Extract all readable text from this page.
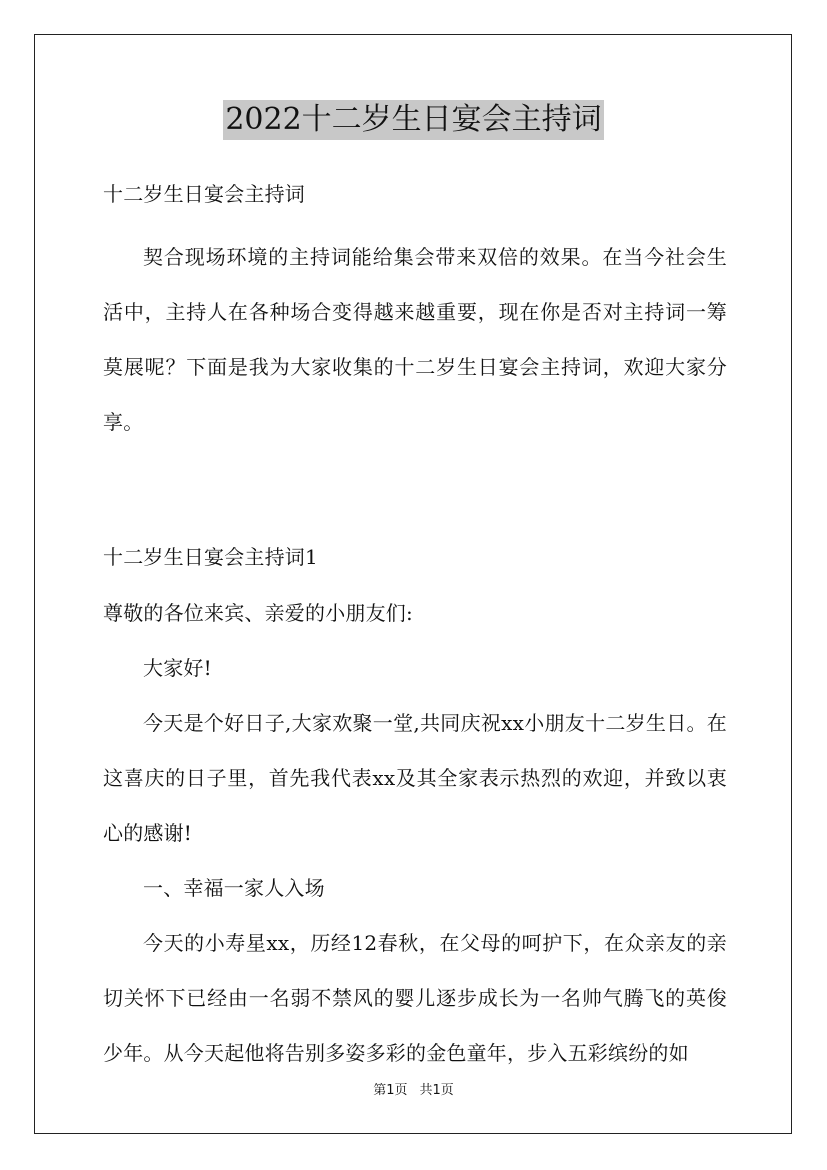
2022十二岁生日宴会主持词
十二岁生日宴会主持词

契合现场环境的主持词能给集会带来双倍的效果。在当今社会生活中，主持人在各种场合变得越来越重要，现在你是否对主持词一筹莫展呢？下面是我为大家收集的十二岁生日宴会主持词，欢迎大家分享。

十二岁生日宴会主持词1
尊敬的各位来宾、亲爱的小朋友们:

大家好!

今天是个好日子,大家欢聚一堂,共同庆祝xx小朋友十二岁生日。在这喜庆的日子里，首先我代表xx及其全家表示热烈的欢迎，并致以衷心的感谢!

一、幸福一家人入场

今天的小寿星xx，历经12春秋，在父母的呵护下，在众亲友的亲切关怀下已经由一名弱不禁风的婴儿逐步成长为一名帅气腾飞的英俊少年。从今天起他将告别多姿多彩的金色童年，步入五彩缤纷的如

第1页 共1页
